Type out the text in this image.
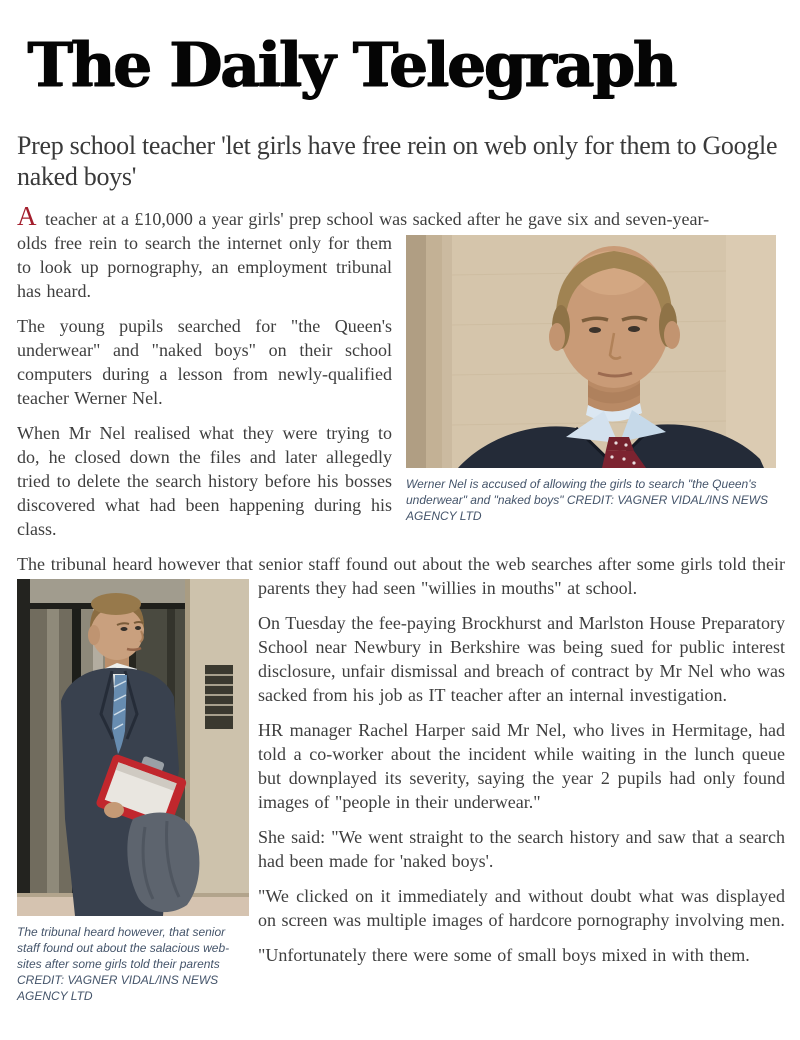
The Daily Telegraph
Prep school teacher 'let girls have free rein on web only for them to Google naked boys'
A teacher at a £10,000 a year girls' prep school was sacked after he gave six and seven-year-
Werner Nel is accused of allowing the girls to search "the Queen's underwear" and "naked boys" CREDIT: VAGNER VIDAL/INS NEWS AGENCY LTD
olds free rein to search the internet only for them to look up pornography, an employment tribunal has heard.
The young pupils searched for "the Queen's underwear" and "naked boys" on their school computers during a lesson from newly-qualified teacher Werner Nel.
When Mr Nel realised what they were trying to do, he closed down the files and later allegedly tried to delete the search history before his bosses discovered what had been happening during his class.
The tribunal heard however that senior staff found out about the web searches after some girls told their parents they had seen "willies in
The tribunal heard however, that senior staff found out about the salacious web-sites after some girls told their parents CREDIT: VAGNER VIDAL/INS NEWS AGENCY LTD
mouths" at school.
On Tuesday the fee-paying Brockhurst and Marlston House Preparatory School near Newbury in Berkshire was being sued for public interest disclosure, unfair dismissal and breach of contract by Mr Nel who was sacked from his job as IT teacher after an internal investigation.
HR manager Rachel Harper said Mr Nel, who lives in Hermitage, had told a co-worker about the incident while waiting in the lunch queue but downplayed its severity, saying the year 2 pupils had only found images of "people in their underwear."
She said: "We went straight to the search history and saw that a search had been made for 'naked boys'.
"We clicked on it immediately and without doubt what was displayed on screen was multiple images of hardcore pornography involving men.
"Unfortunately there were some of small boys mixed in with them.
